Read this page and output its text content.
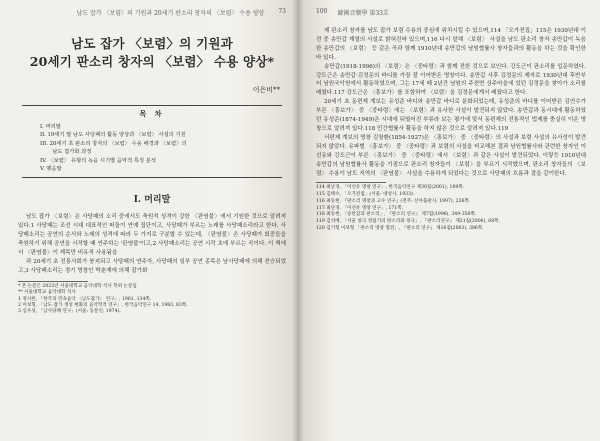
남도 잡가 〈보렴〉의 기원과 20세기 판소리 창자의 〈보렴〉 수용 양상 73
남도 잡가 〈보렴〉의 기원과
20세기 판소리 창자의 〈보렴〉 수용 양상*
이은비**
목 차
I. 머리말
II. 19세기 말 남도 사당패의 활동 양상과 〈보렴〉 사설의 기원
III. 20세기 초 판소리 창자의 〈보렴〉 수용 배경과 〈보렴〉의
　　 남도 잡가화 과정
IV. 〈보렴〉 유형의 녹음 시기별 음악적 특징 분석
V. 맺음말
I. 머리말

남도 잡가 〈보렴〉은 사당패의 소리 중에서도 축원적 성격이 강한 〈판염불〉에서 기원한 것으로 알려져 있다.1 사당패는 조선 시대 대표적인 떠돌이 연예 집단이고, 사당패가 부르는 노래를 사당패소리라고 한다. 사당패소리는 공연의 순서와 노래의 성격에 따라 두 가지로 구분할 수 있는데, 〈판염불〉은 사당패가 회중들을 축원하기 위해 공연을 시작할 때 연주하는 '판염불'이고,2 사당패소리는 공연 시작 초에 부르는 곡이다. 이 책에서 〈판염불〉이 제목만 비유적 사용됨을

과 20세기 초 전통사회가 붕괴되고 사당패의 연주자, 사당패의 일부 공연 종목은 남사당패에 의해 전승되었고,3 사당패소리는 경기 명창인 박춘재에 의해 잡가화

* 본 논문은 2023년 서울대학교 음악대학 석사 학위 논문임

** 서울대학교 음악대학 석사

1 정사론, 「한국의 민속음악 〈남도잡가〉 연구」, 1961, 134쪽.

2 이보형, 「남도 잡가 생성 변화의 음악학적 연구」, 한국음악연구 14, 1983, 83쪽.

3 심우성, 「남사당패 연구」(서울: 동문선, 1974).

100 韓國音樂學 第33호

제 판소리 창자를 남도 잡가 보렴 수용의 중심에 위치시킬 수 있으며,114 「오가전집」115은 1930년대 이전 중 송만갑 계열의 사설로 밝혀진바 있으며,116 다시 말해 〈보렴〉 사설을 남도 판소리 창자 송만갑이 녹음한 송만갑의 〈보렴〉 등 같은 곡과 함께 1910년대 송만갑의 남원협률사 창자들과의 활동을 하는 것을 확인한 바 있다.

송만갑(1918-1996)의 〈보렴〉은 〈중타령〉과 함께 전한 것으로 보인다. 강도근이 판소리를 입문하였다. 강도근은 송만갑·김정문의 바디를 가장 잘 이어받은 명창이다. 송만갑 사후 김정문의 제자로 1930년대 후반부터 남원국악원에서 활동하였으며, 그는 17세 때 2년간 남원의 주천면 상주마을에 있던 김정문을 찾아가 소리를 배웠다.117 강도근은 〈흥보가〉를 포함하여 〈보렴〉을 김정문에게서 배웠다고 한다.

20세기 초 동편제 계보는 유성준 바디와 송만갑 바디로 분화되었는데, 유성준의 바디를 이어받은 김연수가 부른 〈흥보가〉 중 〈중타령〉에는 〈보렴〉과 유사한 사설이 발견되지 않았다. 송만갑과 동시대에 활동하였던 유성준(1874-1949)은 시대에 뒤떨어진 부류라 보는 평가에 맞서 동편제의 전통적인 법제를 충실히 이은 명창으로 알려져 있다.118 민간협률사 활동을 하지 않은 것으로 알려져 있다.119

서편제 계보의 명창 김창환(1854-1927)은 〈흥보가〉 중 〈중타령〉의 사설과 보렴 사설의 유사성이 발견되지 않았다. 유파별 〈흥보가〉 중 〈중타령〉과 보렴의 사설을 비교해본 결과 남원협률사와 관련한 창자인 이선유와 강도근이 부른 〈흥보가〉 중 〈중타령〉에서 〈보렴〉과 같은 사설이 발견되었다. 이렇듯 1910년대 송만갑의 남원협률사 활동을 기점으로 판소리 창자들이 〈보렴〉을 부르기 시작했으며, 판소리 창자들의 〈보렴〉 수용이 남도 지역의 〈판염불〉 사설을 수용하게 되었다는 것으로 사당패의 흐름과 결을 같이한다.

114 최난경, 「이선유 명창 연구」, 한국음악연구 제30집(2001), 169쪽.

115 김택수, 「오가전집」(서울: 대성사, 1933).

116 최동현, 『판소리 명창과 고수 연구』(전주: 신아출판사, 1997), 236쪽.

117 최난경, 「이선유 명창 연구」, 171쪽.

118 최동현, 「송만갑과 판소리」, 『판소리 연구』 제7집(1996), 349-350쪽.

119 김석배, 「서울 창극 정립기의 판소리와 창극」, 『판소리연구』 제21집(2006), 68쪽.

120 김기형 이보형 「판소리 명창 열전」, 『판소리 연구』 제16집(2003), 386쪽.
